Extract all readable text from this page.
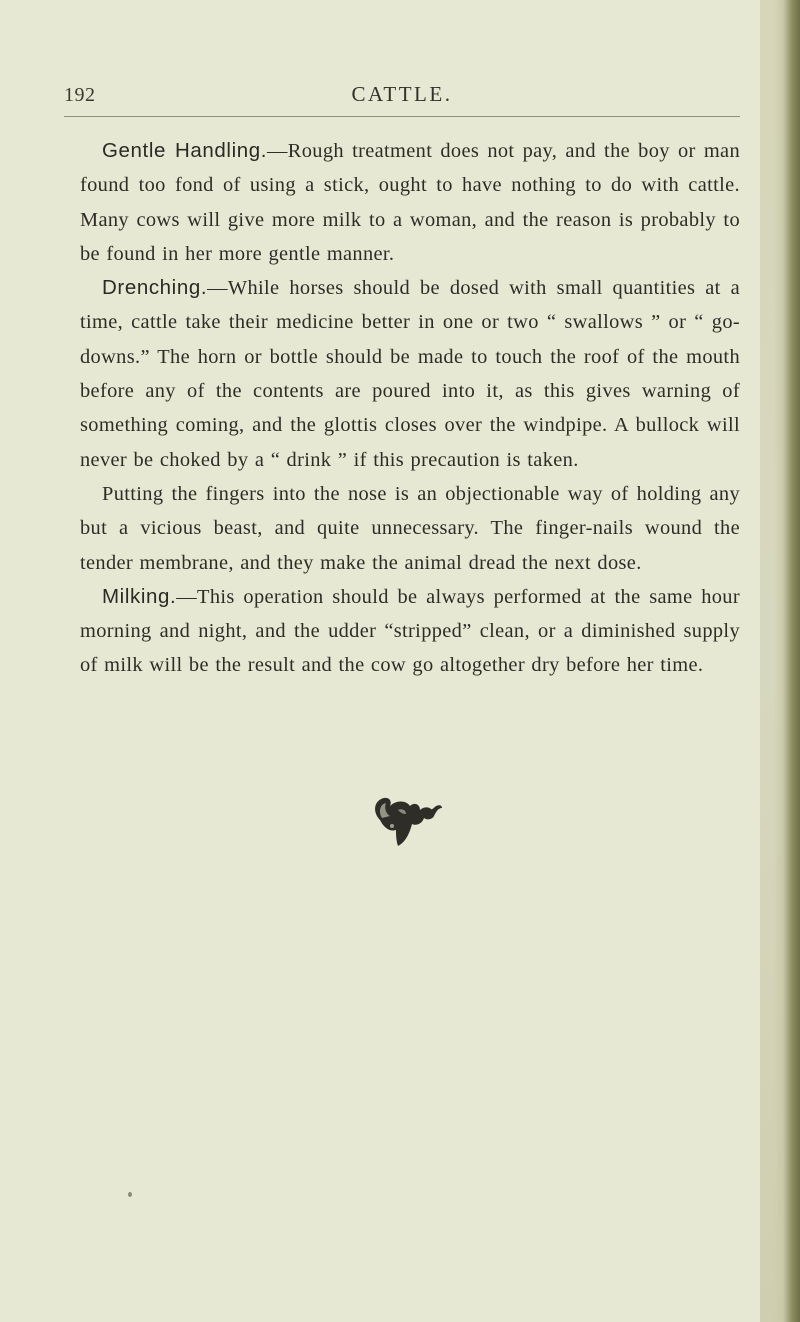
192	CATTLE.

Gentle Handling.—Rough treatment does not pay, and the boy or man found too fond of using a stick, ought to have nothing to do with cattle. Many cows will give more milk to a woman, and the reason is probably to be found in her more gentle manner.

Drenching.—While horses should be dosed with small quantities at a time, cattle take their medicine better in one or two “ swallows ” or “ go-downs.” The horn or bottle should be made to touch the roof of the mouth before any of the contents are poured into it, as this gives warning of something coming, and the glottis closes over the windpipe. A bullock will never be choked by a “ drink ” if this precaution is taken.

Putting the fingers into the nose is an objectionable way of holding any but a vicious beast, and quite unnecessary. The finger-nails wound the tender membrane, and they make the animal dread the next dose.

Milking.—This operation should be always performed at the same hour morning and night, and the udder “stripped” clean, or a diminished supply of milk will be the result and the cow go altogether dry before her time.
